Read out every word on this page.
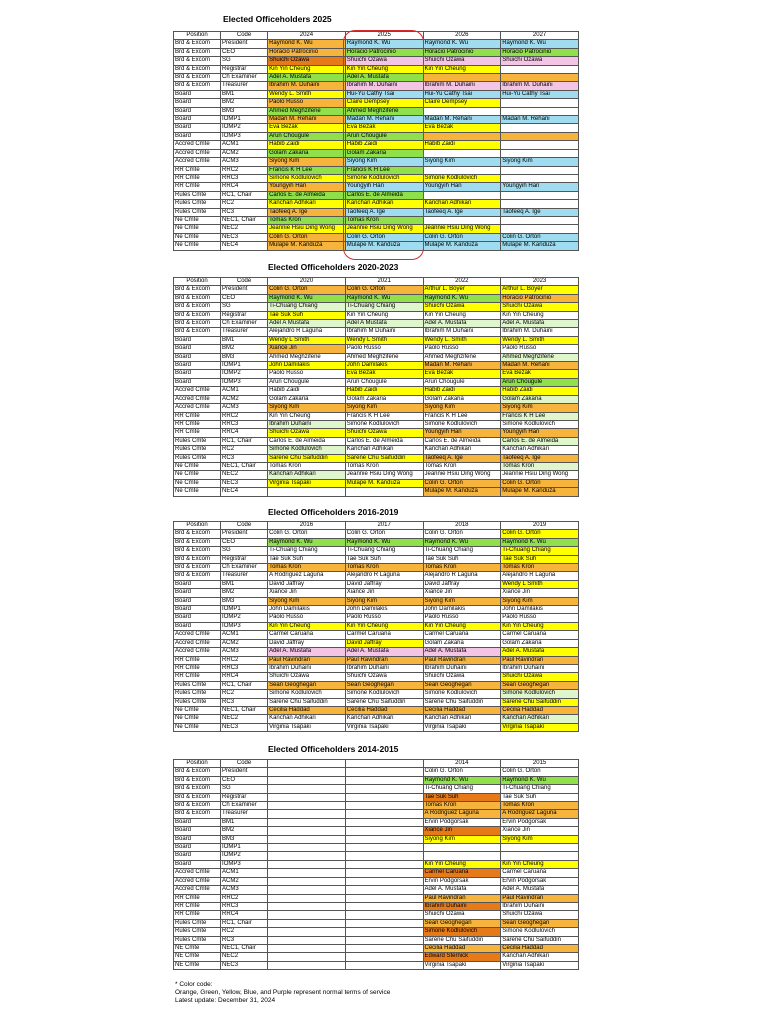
Elected Officeholders 2025
Position	Code	2024	2025	2026	2027
Brd & Excom	President	Raymond K. Wu	Raymond K. Wu	Raymond K. Wu	Raymond K. Wu
Brd & Excom	CEO	Horacio Patrocinio	Horacio Patrocinio	Horacio Patrocinio	Horacio Patrocinio
Brd & Excom	SG	Shuichi Ozawa	Shuichi Ozawa	Shuichi Ozawa	Shuichi Ozawa
Brd & Excom	Registrar	Kin Yin Cheung	Kin Yin Cheung	Kin Yin Cheung	
Brd & Excom	Ch Examiner	Adel A. Mustafa	Adel A. Mustafa		
Brd & Excom	Treasurer	Ibrahim M. Duhaini	Ibrahim M. Duhaini	Ibrahim M. Duhaini	Ibrahim M. Duhaini
Board	BM1	Wendy L. Smith	Hui-Yu Cathy Tsai	Hui-Yu Cathy Tsai	Hui-Yu Cathy Tsai
Board	BM2	Paolo Russo	Claire Dempsey	Claire Dempsey	
Board	BM3	Ahmed Meghzifene	Ahmed Meghzifene		
Board	IOMP1	Madan M. Rehani	Madan M. Rehani	Madan M. Rehani	Madan M. Rehani
Board	IOMP2	Eva Bezak	Eva Bezak	Eva Bezak	
Board	IOMP3	Arun Chougule	Arun Chougule		
Accred Cmte	ACM1	Habib Zaidi	Habib Zaidi	Habib Zaidi	
Accred Cmte	ACM2	Golam Zakaria	Golam Zakaria		
Accred Cmte	ACM3	Siyong Kim	Siyong Kim	Siyong Kim	Siyong Kim
RR Cmte	RRC2	Francis K H Lee	Francis K H Lee		
RR Cmte	RRC3	Simone Kodlulovich	Simone Kodlulovich	Simone Kodlulovich	
RR Cmte	RRC4	Youngyih Han	Youngyih Han	Youngyih Han	Youngyih Han
Rules Cmte	RC1, Chair	Carlos E. de Almeida	Carlos E. de Almeida		
Rules Cmte	RC2	Kanchan Adhikari	Kanchan Adhikari	Kanchan Adhikari	
Rules Cmte	RC3	Taofeeq A. Ige	Taofeeq A. Ige	Taofeeq A. Ige	Taofeeq A. Ige
Ne Cmte	NEC1, Chair	Tomas Kron	Tomas Kron		
Ne Cmte	NEC2	Jeannie Hsiu Ding Wong	Jeannie Hsiu Ding Wong	Jeannie Hsiu Ding Wong	
Ne Cmte	NEC3	Colin G. Orton	Colin G. Orton	Colin G. Orton	Colin G. Orton
Ne Cmte	NEC4	Mulape M. Kanduza	Mulape M. Kanduza	Mulape M. Kanduza	Mulape M. Kanduza
Elected Officeholders 2020-2023
Position	Code	2020	2021	2022	2023
Brd & Excom	President	Colin G. Orton	Colin G. Orton	Arthur L. Boyer	Arthur L. Boyer
Brd & Excom	CEO	Raymond K. Wu	Raymond K. Wu	Raymond K. Wu	Horacio Patrocinio
Brd & Excom	SG	Ti-Chuang Chiang	Ti-Chuang Chiang	Shuichi Ozawa	Shuichi Ozawa
Brd & Excom	Registrar	Tae Suk Suh	Kin Yin Cheung	Kin Yin Cheung	Kin Yin Cheung
Brd & Excom	Ch Examiner	Adel A Mustafa	Adel A Mustafa	Adel A. Mustafa	Adel A. Mustafa
Brd & Excom	Treasurer	Alejandro R Laguna	Ibrahim M Duhaini	Ibrahim M Duhaini	Ibrahim M. Duhaini
Board	BM1	Wendy L Smith	Wendy L Smith	Wendy L. Smith	Wendy L. Smith
Board	BM2	Xiance Jin	Paolo Russo	Paolo Russo	Paolo Russo
Board	BM3	Ahmed Meghzifene	Ahmed Meghzifene	Ahmed Meghzifene	Ahmed Meghzifene
Board	IOMP1	John Damilakis	John Damilakis	Madan M. Rehani	Madan M. Rehani
Board	IOMP2	Paolo Russo	Eva Bezak	Eva Bezak	Eva Bezak
Board	IOMP3	Arun Chougule	Arun Chougule	Arun Chougule	Arun Chougule
Accred Cmte	ACM1	Habib Zaidi	Habib Zaidi	Habib Zaidi	Habib Zaidi
Accred Cmte	ACM2	Golam Zakaria	Golam Zakaria	Golam Zakaria	Golam Zakaria
Accred Cmte	ACM3	Siyong Kim	Siyong Kim	Siyong Kim	Siyong Kim
RR Cmte	RRC2	Kin Yin Cheung	Francis K H Lee	Francis K H Lee	Francis K H Lee
RR Cmte	RRC3	Ibrahim Duhaini	Simone Kodlulovich	Simone Kodlulovich	Simone Kodlulovich
RR Cmte	RRC4	Shuichi Ozawa	Shuichi Ozawa	Youngyih Han	Youngyih Han
Rules Cmte	RC1, Chair	Carlos E. de Almeida	Carlos E. de Almeida	Carlos E. de Almeida	Carlos E. de Almeida
Rules Cmte	RC2	Simone Kodlulovich	Kanchan Adhikari	Kanchan Adhikari	Kanchan Adhikari
Rules Cmte	RC3	Sarene Chu Saifuddin	Sarene Chu Saifuddin	Taofeeq A. Ige	Taofeeq A. Ige
Ne Cmte	NEC1, Chair	Tomas Kron	Tomas Kron	Tomas Kron	Tomas Kron
Ne Cmte	NEC2	Kanchan Adhikari	Jeannie Hsiu Ding Wong	Jeannie Hsiu Ding Wong	Jeannie Hsiu Ding Wong
Ne Cmte	NEC3	Virginia Tsapaki	Mulape M. Kanduza	Colin G. Orton	Colin G. Orton
Ne Cmte	NEC4			Mulape M. Kanduza	Mulape M. Kanduza
Elected Officeholders 2016-2019
Position	Code	2016	2017	2018	2019
Brd & Excom	President	Colin G. Orton	Colin G. Orton	Colin G. Orton	Colin G. Orton
Brd & Excom	CEO	Raymond K. Wu	Raymond K. Wu	Raymond K. Wu	Raymond K. Wu
Brd & Excom	SG	Ti-Chuang Chiang	Ti-Chuang Chiang	Ti-Chuang Chiang	Ti-Chuang Chiang
Brd & Excom	Registrar	Tae Suk Suh	Tae Suk Suh	Tae Suk Suh	Tae Suk Suh
Brd & Excom	Ch Examiner	Tomas Kron	Tomas Kron	Tomas Kron	Tomas Kron
Brd & Excom	Treasurer	A Rodriguez Laguna	Alejandro R Laguna	Alejandro R Laguna	Alejandro R Laguna
Board	BM1	David Jaffray	David Jaffray	David Jaffray	Wendy L Smith
Board	BM2	Xiance Jin	Xiance Jin	Xiance Jin	Xiance Jin
Board	BM3	Siyong Kim	Siyong Kim	Siyong Kim	Siyong Kim
Board	IOMP1	John Damilakis	John Damilakis	John Damilakis	John Damilakis
Board	IOMP2	Paolo Russo	Paolo Russo	Paolo Russo	Paolo Russo
Board	IOMP3	Kin Yin Cheung	Kin Yin Cheung	Kin Yin Cheung	Kin Yin Cheung
Accred Cmte	ACM1	Carmel Caruana	Carmel Caruana	Carmel Caruana	Carmel Caruana
Accred Cmte	ACM2	David Jaffray	David Jaffray	Golam Zakaria	Golam Zakaria
Accred Cmte	ACM3	Adel A. Mustafa	Adel A. Mustafa	Adel A. Mustafa	Adel A. Mustafa
RR Cmte	RRC2	Paul Ravindran	Paul Ravindran	Paul Ravindran	Paul Ravindran
RR Cmte	RRC3	Ibrahim Duhaini	Ibrahim Duhaini	Ibrahim Duhaini	Ibrahim Duhaini
RR Cmte	RRC4	Shuichi Ozawa	Shuichi Ozawa	Shuichi Ozawa	Shuichi Ozawa
Rules Cmte	RC1, Chair	Sean Geoghegan	Sean Geoghegan	Sean Geoghegan	Sean Geoghegan
Rules Cmte	RC2	Simone Kodlulovich	Simone Kodlulovich	Simone Kodlulovich	Simone Kodlulovich
Rules Cmte	RC3	Sarene Chu Saifuddin	Sarene Chu Saifuddin	Sarene Chu Saifuddin	Sarene Chu Saifuddin
Ne Cmte	NEC1, Chair	Cecilia Haddad	Cecilia Haddad	Cecilia Haddad	Cecilia Haddad
Ne Cmte	NEC2	Kanchan Adhikari	Kanchan Adhikari	Kanchan Adhikari	Kanchan Adhikari
Ne Cmte	NEC3	Virginia Tsapaki	Virginia Tsapaki	Virginia Tsapaki	Virginia Tsapaki
Elected Officeholders 2014-2015
Position	Code			2014	2015
Brd & Excom	President			Colin G. Orton	Colin G. Orton
Brd & Excom	CEO			Raymond K. Wu	Raymond K. Wu
Brd & Excom	SG			Ti-Chuang Chiang	Ti-Chuang Chiang
Brd & Excom	Registrar			Tae Suk Suh	Tae Suk Suh
Brd & Excom	Ch Examiner			Tomas Kron	Tomas Kron
Brd & Excom	Treasurer			A Rodriguez Laguna	A Rodriguez Laguna
Board	BM1			Ervin Podgorsak	Ervin Podgorsak
Board	BM2			Xiance Jin	Xiance Jin
Board	BM3			Siyong Kim	Siyong Kim
Board	IOMP1				
Board	IOMP2				
Board	IOMP3			Kin Yin Cheung	Kin Yin Cheung
Accred Cmte	ACM1			Carmel Caruana	Carmel Caruana
Accred Cmte	ACM2			Ervin Podgorsak	Ervin Podgorsak
Accred Cmte	ACM3			Adel A. Mustafa	Adel A. Mustafa
RR Cmte	RRC2			Paul Ravindran	Paul Ravindran
RR Cmte	RRC3			Ibrahim Duhaini	Ibrahim Duhaini
RR Cmte	RRC4			Shuichi Ozawa	Shuichi Ozawa
Rules Cmte	RC1, Chair			Sean Geoghegan	Sean Geoghegan
Rules Cmte	RC2			Simone Kodlulovich	Simone Kodlulovich
Rules Cmte	RC3			Sarene Chu Saifuddin	Sarene Chu Saifuddin
NE Cmte	NEC1, Chair			Cecilia Haddad	Cecilia Haddad
NE Cmte	NEC2			Edward Sternick	Kanchan Adhikari
NE Cmte	NEC3			Virginia Tsapaki	Virginia Tsapaki
* Color code:
Orange, Green, Yellow, Blue, and Purple represent normal terms of service
Latest update: December 31, 2024
